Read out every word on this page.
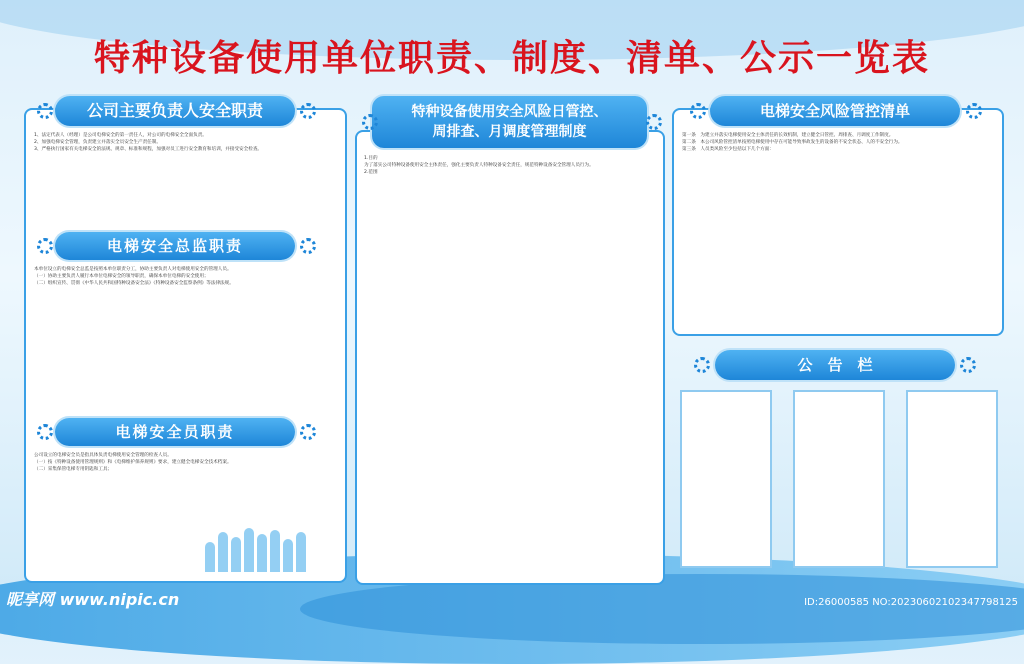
特种设备使用单位职责、制度、清单、公示一览表
公司主要负责人安全职责

1、法定代表人（经理）是公司电梯安全的第一责任人，对公司的电梯安全全面负责。

2、加强电梯安全管理，负责建立并落实全员安全生产责任制。

3、严格执行国家有关电梯安全的法规、规章、标准和规程，加强对员工进行安全教育和培训，并接受安全检查。

电梯安全总监职责

本单位设立的电梯安全总监是按照本单位职责分工，协助主要负责人对电梯使用安全的管理人员。

（一）协助主要负责人履行本单位电梯安全的领导职责，确保本单位电梯的安全使用；

（二）组织宣传、贯彻《中华人民共和国特种设备安全法》《特种设备安全监察条例》等法律法规。

电梯安全员职责

公司设立的电梯安全员是指具体负责电梯使用安全管理的检查人员。

（一）按《特种设备使用管理规则》和《电梯维护保养规则》要求，建立健全电梯安全技术档案。

（二）采集保管电梯专用钥匙和工具；

特种设备使用安全风险日管控、
周排查、月调度管理制度

1.目的

为了落实公司特种设备使用安全主体责任，强化主要负责人特种设备安全责任，规范特种设备安全管理人员行为。

2.范围

电梯安全风险管控清单

第一条　为建立并落实电梯使用安全主体责任的长效机制，建立健全日管控、周排查、月调度工作制度。

第二条　本公司风险管控清单按照电梯使用中存在可能导致事故发生的设备的不安全状态、人的不安全行为。

第三条　人员类风险至少包括以下几个方面：

公　告　栏
昵享网 www.nipic.cn	ID:26000585 NO:20230602102347798125
